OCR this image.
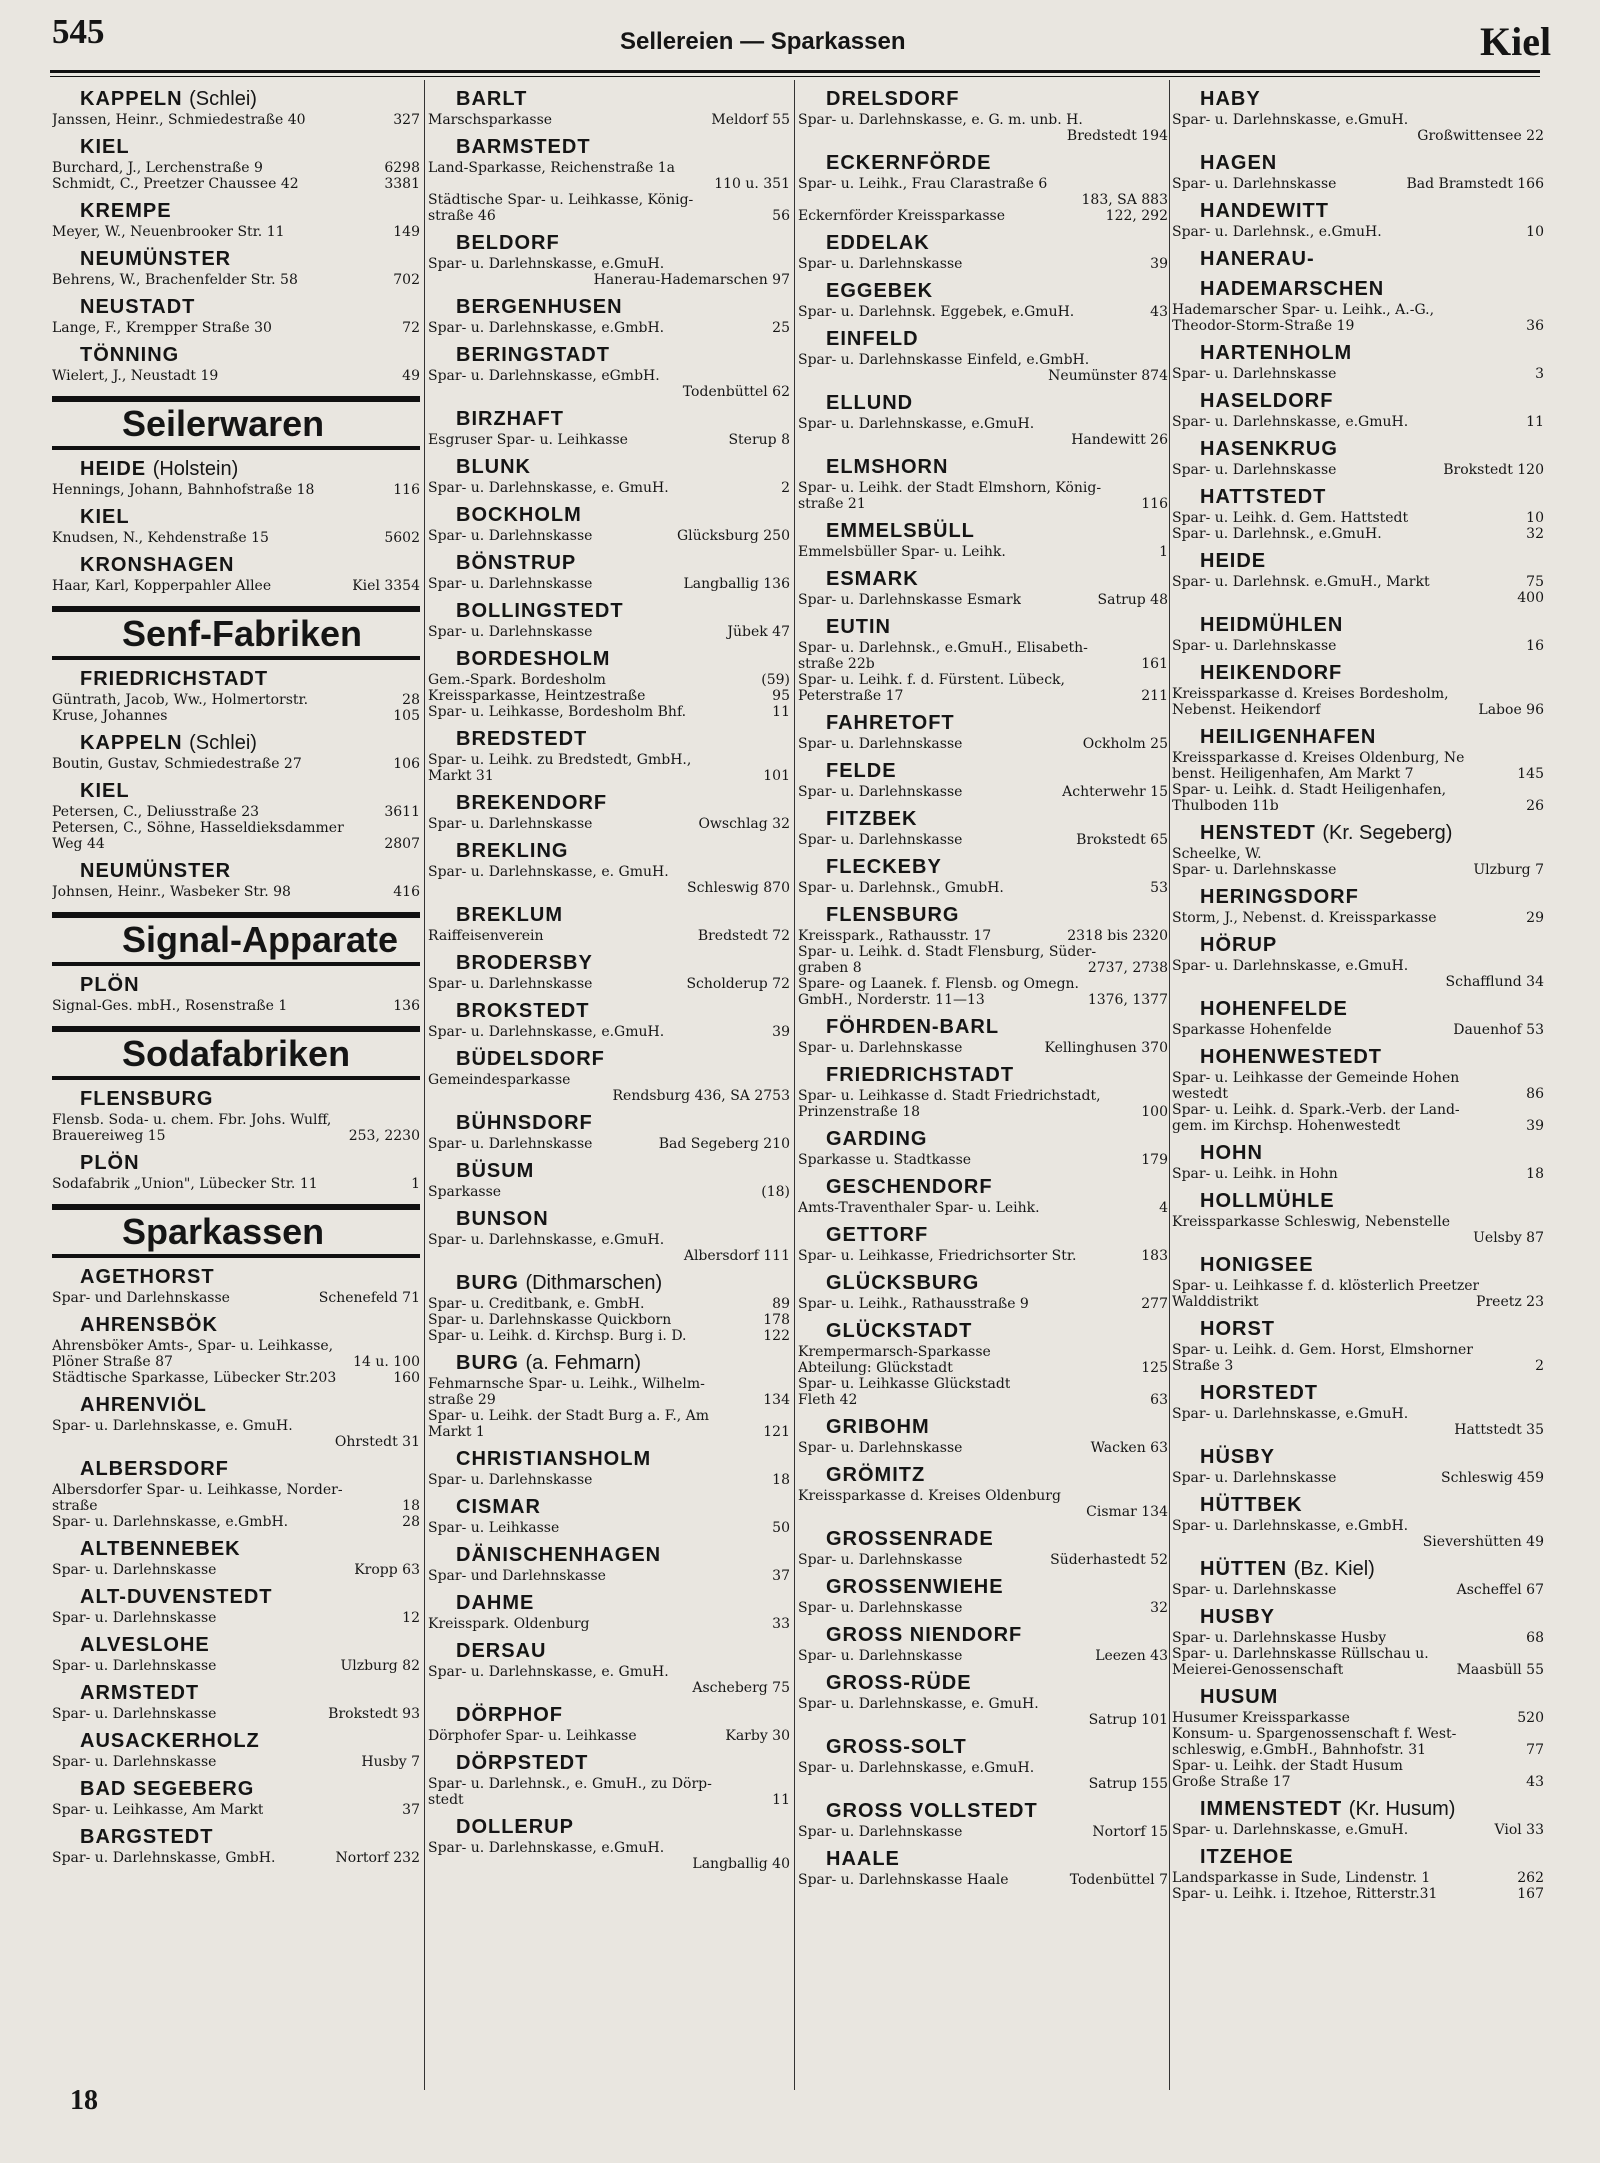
545	Sellereien — Sparkassen	Kiel
KAPPELN (Schlei)
Janssen, Heinr., Schmiedestraße 40	327
KIEL
Burchard, J., Lerchenstraße 9	6298
Schmidt, C., Preetzer Chaussee 42	3381
KREMPE
Meyer, W., Neuenbrooker Str. 11	149
NEUMÜNSTER
Behrens, W., Brachenfelder Str. 58	702
NEUSTADT
Lange, F., Krempper Straße 30	72
TÖNNING
Wielert, J., Neustadt 19	49
Seilerwaren
HEIDE (Holstein)
Hennings, Johann, Bahnhofstraße 18	116
KIEL
Knudsen, N., Kehdenstraße 15	5602
KRONSHAGEN
Haar, Karl, Kopperpahler Allee	Kiel 3354
Senf-Fabriken
FRIEDRICHSTADT
Güntrath, Jacob, Ww., Holmertorstr.	28
Kruse, Johannes	105
KAPPELN (Schlei)
Boutin, Gustav, Schmiedestraße 27	106
KIEL
Petersen, C., Deliusstraße 23	3611
Petersen, C., Söhne, Hasseldieksdammer
Weg 44	2807
NEUMÜNSTER
Johnsen, Heinr., Wasbeker Str. 98	416
Signal-Apparate
PLÖN
Signal-Ges. mbH., Rosenstraße 1	136
Sodafabriken
FLENSBURG
Flensb. Soda- u. chem. Fbr. Johs. Wulff,
Brauereiweg 15	253, 2230
PLÖN
Sodafabrik „Union", Lübecker Str. 11	1
Sparkassen
AGETHORST
Spar- und Darlehnskasse	Schenefeld 71
AHRENSBÖK
Ahrensböker Amts-, Spar- u. Leihkasse,
Plöner Straße 87	14 u. 100
Städtische Sparkasse, Lübecker Str.203	160
AHRENVIÖL
Spar- u. Darlehnskasse, e. GmuH.
Ohrstedt 31
ALBERSDORF
Albersdorfer Spar- u. Leihkasse, Norder-
straße	18
Spar- u. Darlehnskasse, e.GmbH.	28
ALTBENNEBEK
Spar- u. Darlehnskasse	Kropp 63
ALT-DUVENSTEDT
Spar- u. Darlehnskasse	12
ALVESLOHE
Spar- u. Darlehnskasse	Ulzburg 82
ARMSTEDT
Spar- u. Darlehnskasse	Brokstedt 93
AUSACKERHOLZ
Spar- u. Darlehnskasse	Husby 7
BAD SEGEBERG
Spar- u. Leihkasse, Am Markt	37
BARGSTEDT
Spar- u. Darlehnskasse, GmbH.	Nortorf 232
BARLT
Marschsparkasse	Meldorf 55
BARMSTEDT
Land-Sparkasse, Reichenstraße 1a
110 u. 351
Städtische Spar- u. Leihkasse, König-
straße 46	56
BELDORF
Spar- u. Darlehnskasse, e.GmuH.
Hanerau-Hademarschen 97
BERGENHUSEN
Spar- u. Darlehnskasse, e.GmbH.	25
BERINGSTADT
Spar- u. Darlehnskasse, eGmbH.
Todenbüttel 62
BIRZHAFT
Esgruser Spar- u. Leihkasse	Sterup 8
BLUNK
Spar- u. Darlehnskasse, e. GmuH.	2
BOCKHOLM
Spar- u. Darlehnskasse	Glücksburg 250
BÖNSTRUP
Spar- u. Darlehnskasse	Langballig 136
BOLLINGSTEDT
Spar- u. Darlehnskasse	Jübek 47
BORDESHOLM
Gem.-Spark. Bordesholm	(59)
Kreissparkasse, Heintzestraße	95
Spar- u. Leihkasse, Bordesholm Bhf.	11
BREDSTEDT
Spar- u. Leihk. zu Bredstedt, GmbH.,
Markt 31	101
BREKENDORF
Spar- u. Darlehnskasse	Owschlag 32
BREKLING
Spar- u. Darlehnskasse, e. GmuH.
Schleswig 870
BREKLUM
Raiffeisenverein	Bredstedt 72
BRODERSBY
Spar- u. Darlehnskasse	Scholderup 72
BROKSTEDT
Spar- u. Darlehnskasse, e.GmuH.	39
BÜDELSDORF
Gemeindesparkasse
Rendsburg 436, SA 2753
BÜHNSDORF
Spar- u. Darlehnskasse	Bad Segeberg 210
BÜSUM
Sparkasse	(18)
BUNSON
Spar- u. Darlehnskasse, e.GmuH.
Albersdorf 111
BURG (Dithmarschen)
Spar- u. Creditbank, e. GmbH.	89
Spar- u. Darlehnskasse Quickborn	178
Spar- u. Leihk. d. Kirchsp. Burg i. D.	122
BURG (a. Fehmarn)
Fehmarnsche Spar- u. Leihk., Wilhelm-
straße 29	134
Spar- u. Leihk. der Stadt Burg a. F., Am
Markt 1	121
CHRISTIANSHOLM
Spar- u. Darlehnskasse	18
CISMAR
Spar- u. Leihkasse	50
DÄNISCHENHAGEN
Spar- und Darlehnskasse	37
DAHME
Kreisspark. Oldenburg	33
DERSAU
Spar- u. Darlehnskasse, e. GmuH.
Ascheberg 75
DÖRPHOF
Dörphofer Spar- u. Leihkasse	Karby 30
DÖRPSTEDT
Spar- u. Darlehnsk., e. GmuH., zu Dörp-
stedt	11
DOLLERUP
Spar- u. Darlehnskasse, e.GmuH.
Langballig 40
DRELSDORF
Spar- u. Darlehnskasse, e. G. m. unb. H.
Bredstedt 194
ECKERNFÖRDE
Spar- u. Leihk., Frau Clarastraße 6
183, SA 883
Eckernförder Kreissparkasse	122, 292
EDDELAK
Spar- u. Darlehnskasse	39
EGGEBEK
Spar- u. Darlehnsk. Eggebek, e.GmuH.	43
EINFELD
Spar- u. Darlehnskasse Einfeld, e.GmbH.
Neumünster 874
ELLUND
Spar- u. Darlehnskasse, e.GmuH.
Handewitt 26
ELMSHORN
Spar- u. Leihk. der Stadt Elmshorn, König-
straße 21	116
EMMELSBÜLL
Emmelsbüller Spar- u. Leihk.	1
ESMARK
Spar- u. Darlehnskasse Esmark	Satrup 48
EUTIN
Spar- u. Darlehnsk., e.GmuH., Elisabeth-
straße 22b	161
Spar- u. Leihk. f. d. Fürstent. Lübeck,
Peterstraße 17	211
FAHRETOFT
Spar- u. Darlehnskasse	Ockholm 25
FELDE
Spar- u. Darlehnskasse	Achterwehr 15
FITZBEK
Spar- u. Darlehnskasse	Brokstedt 65
FLECKEBY
Spar- u. Darlehnsk., GmubH.	53
FLENSBURG
Kreisspark., Rathausstr. 17	2318 bis 2320
Spar- u. Leihk. d. Stadt Flensburg, Süder-
graben 8	2737, 2738
Spare- og Laanek. f. Flensb. og Omegn.
GmbH., Norderstr. 11—13	1376, 1377
FÖHRDEN-BARL
Spar- u. Darlehnskasse	Kellinghusen 370
FRIEDRICHSTADT
Spar- u. Leihkasse d. Stadt Friedrichstadt,
Prinzenstraße 18	100
GARDING
Sparkasse u. Stadtkasse	179
GESCHENDORF
Amts-Traventhaler Spar- u. Leihk.	4
GETTORF
Spar- u. Leihkasse, Friedrichsorter Str.	183
GLÜCKSBURG
Spar- u. Leihk., Rathausstraße 9	277
GLÜCKSTADT
Krempermarsch-Sparkasse
Abteilung: Glückstadt	125
Spar- u. Leihkasse Glückstadt
Fleth 42	63
GRIBOHM
Spar- u. Darlehnskasse	Wacken 63
GRÖMITZ
Kreissparkasse d. Kreises Oldenburg
Cismar 134
GROSSENRADE
Spar- u. Darlehnskasse	Süderhastedt 52
GROSSENWIEHE
Spar- u. Darlehnskasse	32
GROSS NIENDORF
Spar- u. Darlehnskasse	Leezen 43
GROSS-RÜDE
Spar- u. Darlehnskasse, e. GmuH.
Satrup 101
GROSS-SOLT
Spar- u. Darlehnskasse, e.GmuH.
Satrup 155
GROSS VOLLSTEDT
Spar- u. Darlehnskasse	Nortorf 15
HAALE
Spar- u. Darlehnskasse Haale	Todenbüttel 7
HABY
Spar- u. Darlehnskasse, e.GmuH.
Großwittensee 22
HAGEN
Spar- u. Darlehnskasse	Bad Bramstedt 166
HANDEWITT
Spar- u. Darlehnsk., e.GmuH.	10
HANERAU-
HADEMARSCHEN
Hademarscher Spar- u. Leihk., A.-G.,
Theodor-Storm-Straße 19	36
HARTENHOLM
Spar- u. Darlehnskasse	3
HASELDORF
Spar- u. Darlehnskasse, e.GmuH.	11
HASENKRUG
Spar- u. Darlehnskasse	Brokstedt 120
HATTSTEDT
Spar- u. Leihk. d. Gem. Hattstedt	10
Spar- u. Darlehnsk., e.GmuH.	32
HEIDE
Spar- u. Darlehnsk. e.GmuH., Markt	75
400
HEIDMÜHLEN
Spar- u. Darlehnskasse	16
HEIKENDORF
Kreissparkasse d. Kreises Bordesholm,
Nebenst. Heikendorf	Laboe 96
HEILIGENHAFEN
Kreissparkasse d. Kreises Oldenburg, Ne
benst. Heiligenhafen, Am Markt 7	145
Spar- u. Leihk. d. Stadt Heiligenhafen,
Thulboden 11b	26
HENSTEDT (Kr. Segeberg)
Scheelke, W.
Spar- u. Darlehnskasse	Ulzburg 7
HERINGSDORF
Storm, J., Nebenst. d. Kreissparkasse	29
HÖRUP
Spar- u. Darlehnskasse, e.GmuH.
Schafflund 34
HOHENFELDE
Sparkasse Hohenfelde	Dauenhof 53
HOHENWESTEDT
Spar- u. Leihkasse der Gemeinde Hohen
westedt	86
Spar- u. Leihk. d. Spark.-Verb. der Land-
gem. im Kirchsp. Hohenwestedt	39
HOHN
Spar- u. Leihk. in Hohn	18
HOLLMÜHLE
Kreissparkasse Schleswig, Nebenstelle
Uelsby 87
HONIGSEE
Spar- u. Leihkasse f. d. klösterlich Preetzer
Walddistrikt	Preetz 23
HORST
Spar- u. Leihk. d. Gem. Horst, Elmshorner
Straße 3	2
HORSTEDT
Spar- u. Darlehnskasse, e.GmuH.
Hattstedt 35
HÜSBY
Spar- u. Darlehnskasse	Schleswig 459
HÜTTBEK
Spar- u. Darlehnskasse, e.GmbH.
Sievershütten 49
HÜTTEN (Bz. Kiel)
Spar- u. Darlehnskasse	Ascheffel 67
HUSBY
Spar- u. Darlehnskasse Husby	68
Spar- u. Darlehnskasse Rüllschau u.
Meierei-Genossenschaft	Maasbüll 55
HUSUM
Husumer Kreissparkasse	520
Konsum- u. Spargenossenschaft f. West-
schleswig, e.GmbH., Bahnhofstr. 31	77
Spar- u. Leihk. der Stadt Husum
Große Straße 17	43
IMMENSTEDT (Kr. Husum)
Spar- u. Darlehnskasse, e.GmuH.	Viol 33
ITZEHOE
Landsparkasse in Sude, Lindenstr. 1	262
Spar- u. Leihk. i. Itzehoe, Ritterstr.31	167
18
